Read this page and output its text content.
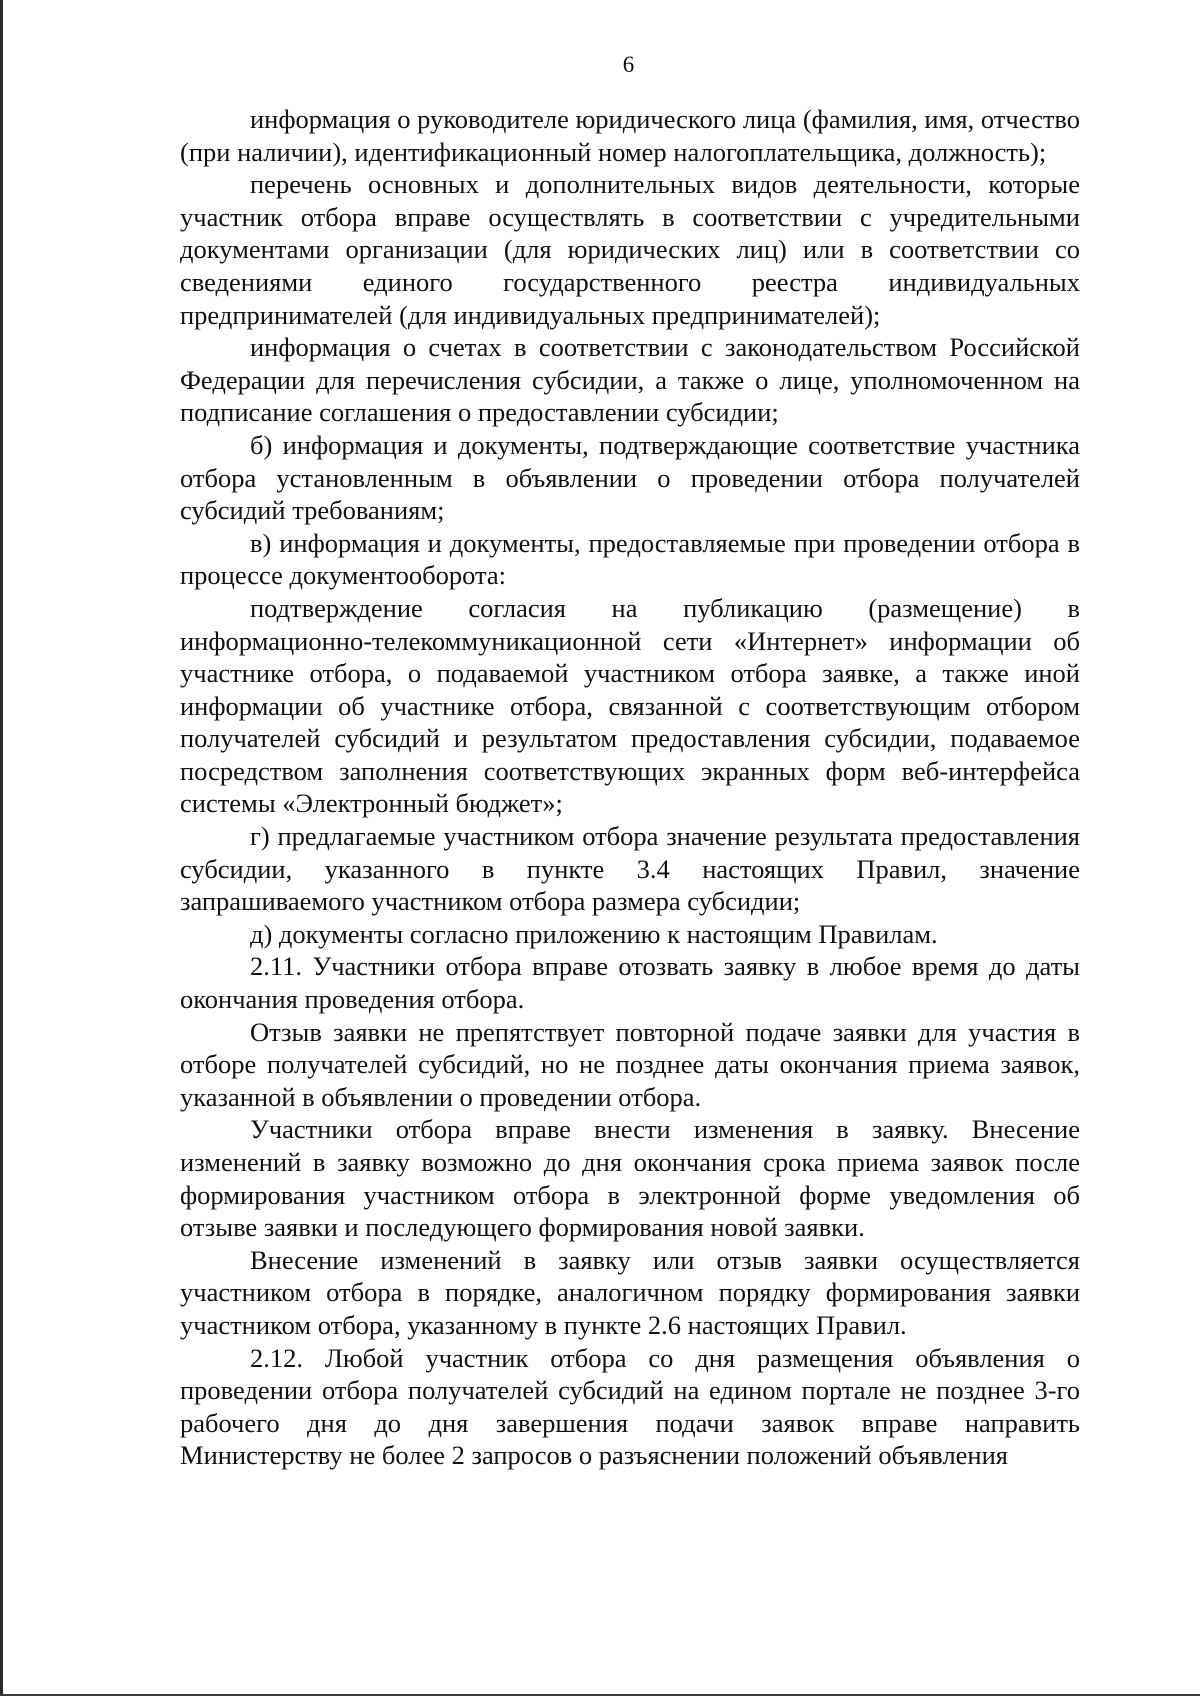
6

информация о руководителе юридического лица (фамилия, имя, отчество (при наличии), идентификационный номер налогоплательщика, должность);

перечень основных и дополнительных видов деятельности, которые участник отбора вправе осуществлять в соответствии с учредительными документами организации (для юридических лиц) или в соответствии со сведениями единого государственного реестра индивидуальных предпринимателей (для индивидуальных предпринимателей);

информация о счетах в соответствии с законодательством Российской Федерации для перечисления субсидии, а также о лице, уполномоченном на подписание соглашения о предоставлении субсидии;

б) информация и документы, подтверждающие соответствие участника отбора установленным в объявлении о проведении отбора получателей субсидий требованиям;

в) информация и документы, предоставляемые при проведении отбора в процессе документооборота:

подтверждение согласия на публикацию (размещение) в информационно-телекоммуникационной сети «Интернет» информации об участнике отбора, о подаваемой участником отбора заявке, а также иной информации об участнике отбора, связанной с соответствующим отбором получателей субсидий и результатом предоставления субсидии, подаваемое посредством заполнения соответствующих экранных форм веб-интерфейса системы «Электронный бюджет»;

г) предлагаемые участником отбора значение результата предоставления субсидии, указанного в пункте 3.4 настоящих Правил, значение запрашиваемого участником отбора размера субсидии;

д) документы согласно приложению к настоящим Правилам.

2.11. Участники отбора вправе отозвать заявку в любое время до даты окончания проведения отбора.

Отзыв заявки не препятствует повторной подаче заявки для участия в отборе получателей субсидий, но не позднее даты окончания приема заявок, указанной в объявлении о проведении отбора.

Участники отбора вправе внести изменения в заявку. Внесение изменений в заявку возможно до дня окончания срока приема заявок после формирования участником отбора в электронной форме уведомления об отзыве заявки и последующего формирования новой заявки.

Внесение изменений в заявку или отзыв заявки осуществляется участником отбора в порядке, аналогичном порядку формирования заявки участником отбора, указанному в пункте 2.6 настоящих Правил.

2.12. Любой участник отбора со дня размещения объявления о проведении отбора получателей субсидий на едином портале не позднее 3-го рабочего дня до дня завершения подачи заявок вправе направить Министерству не более 2 запросов о разъяснении положений объявления
